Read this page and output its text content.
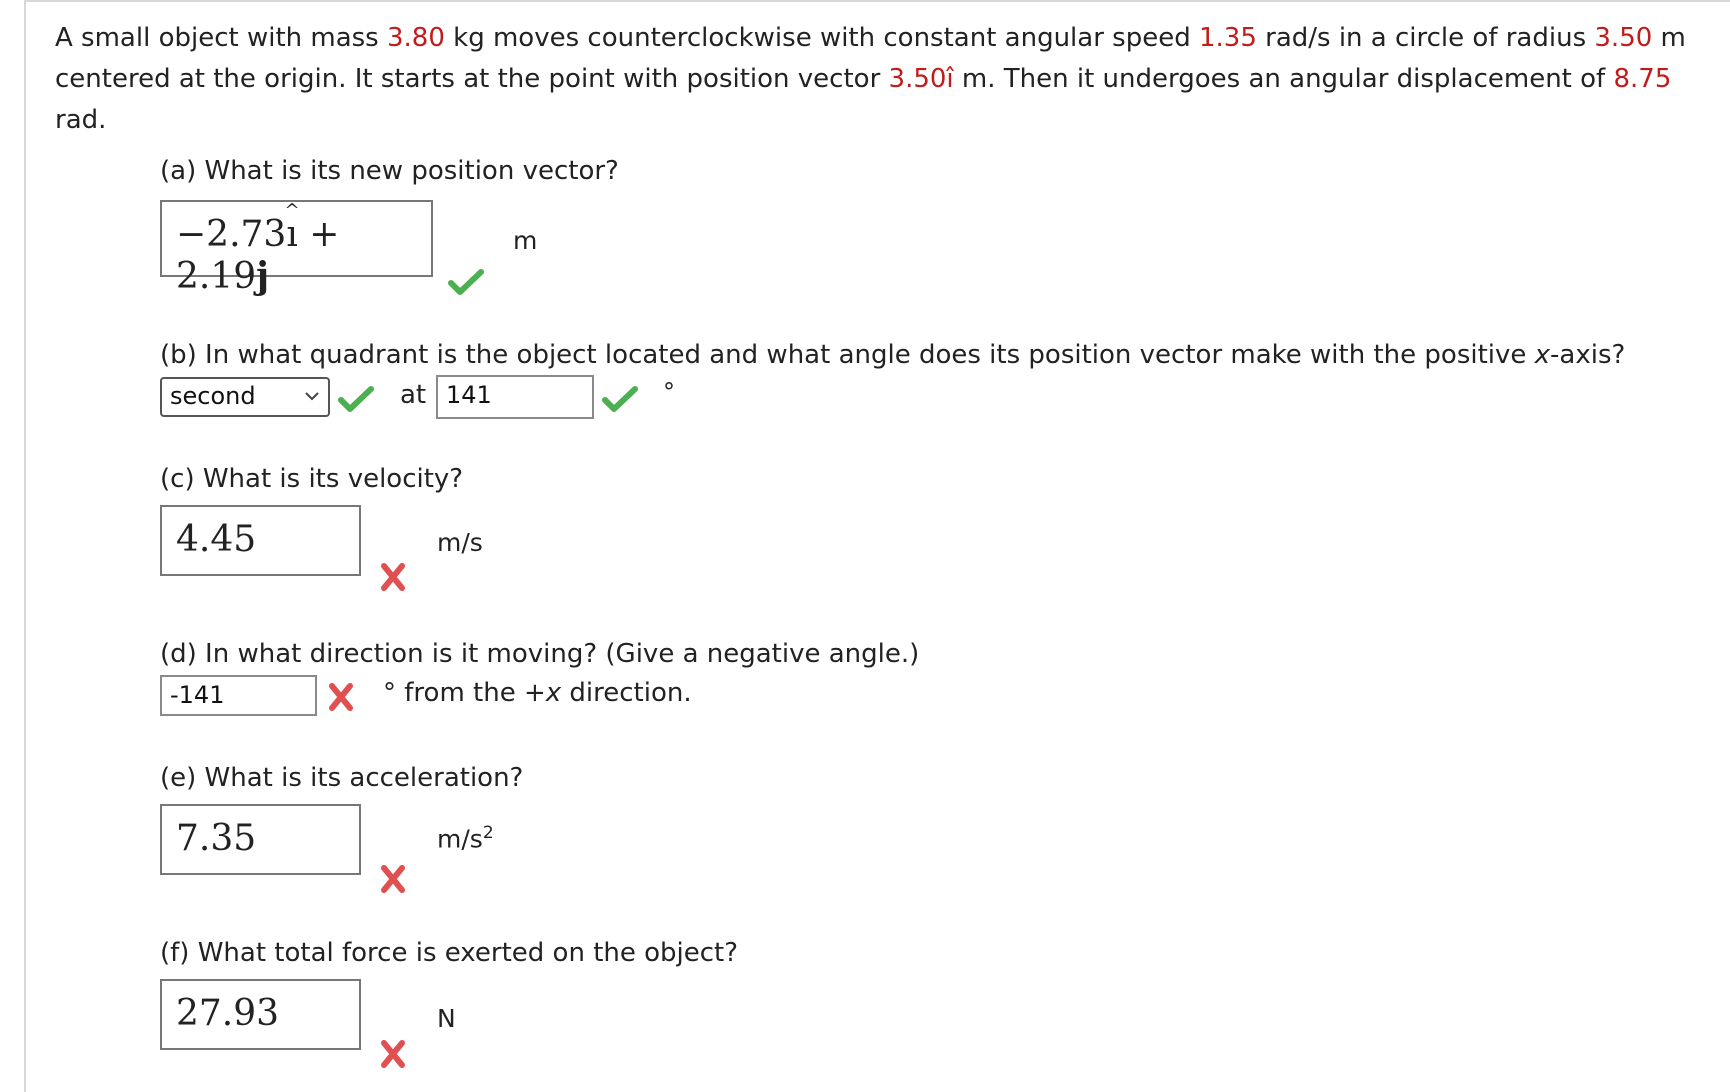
A small object with mass 3.80 kg moves counterclockwise with constant angular speed 1.35 rad/s in a circle of radius 3.50 m centered at the origin. It starts at the point with position vector 3.50î m. Then it undergoes an angular displacement of 8.75 rad.

(a) What is its new position vector?
−2.73ı ^ + 2.19j
m
(b) In what quadrant is the object located and what angle does its position vector make with the positive x-axis?
second	at 141	°
(c) What is its velocity?
4.45	m/s
(d) In what direction is it moving? (Give a negative angle.)
-141	° from the +x direction.
(e) What is its acceleration?
7.35	$m/s^2$
(f) What total force is exerted on the object?
27.93	N
